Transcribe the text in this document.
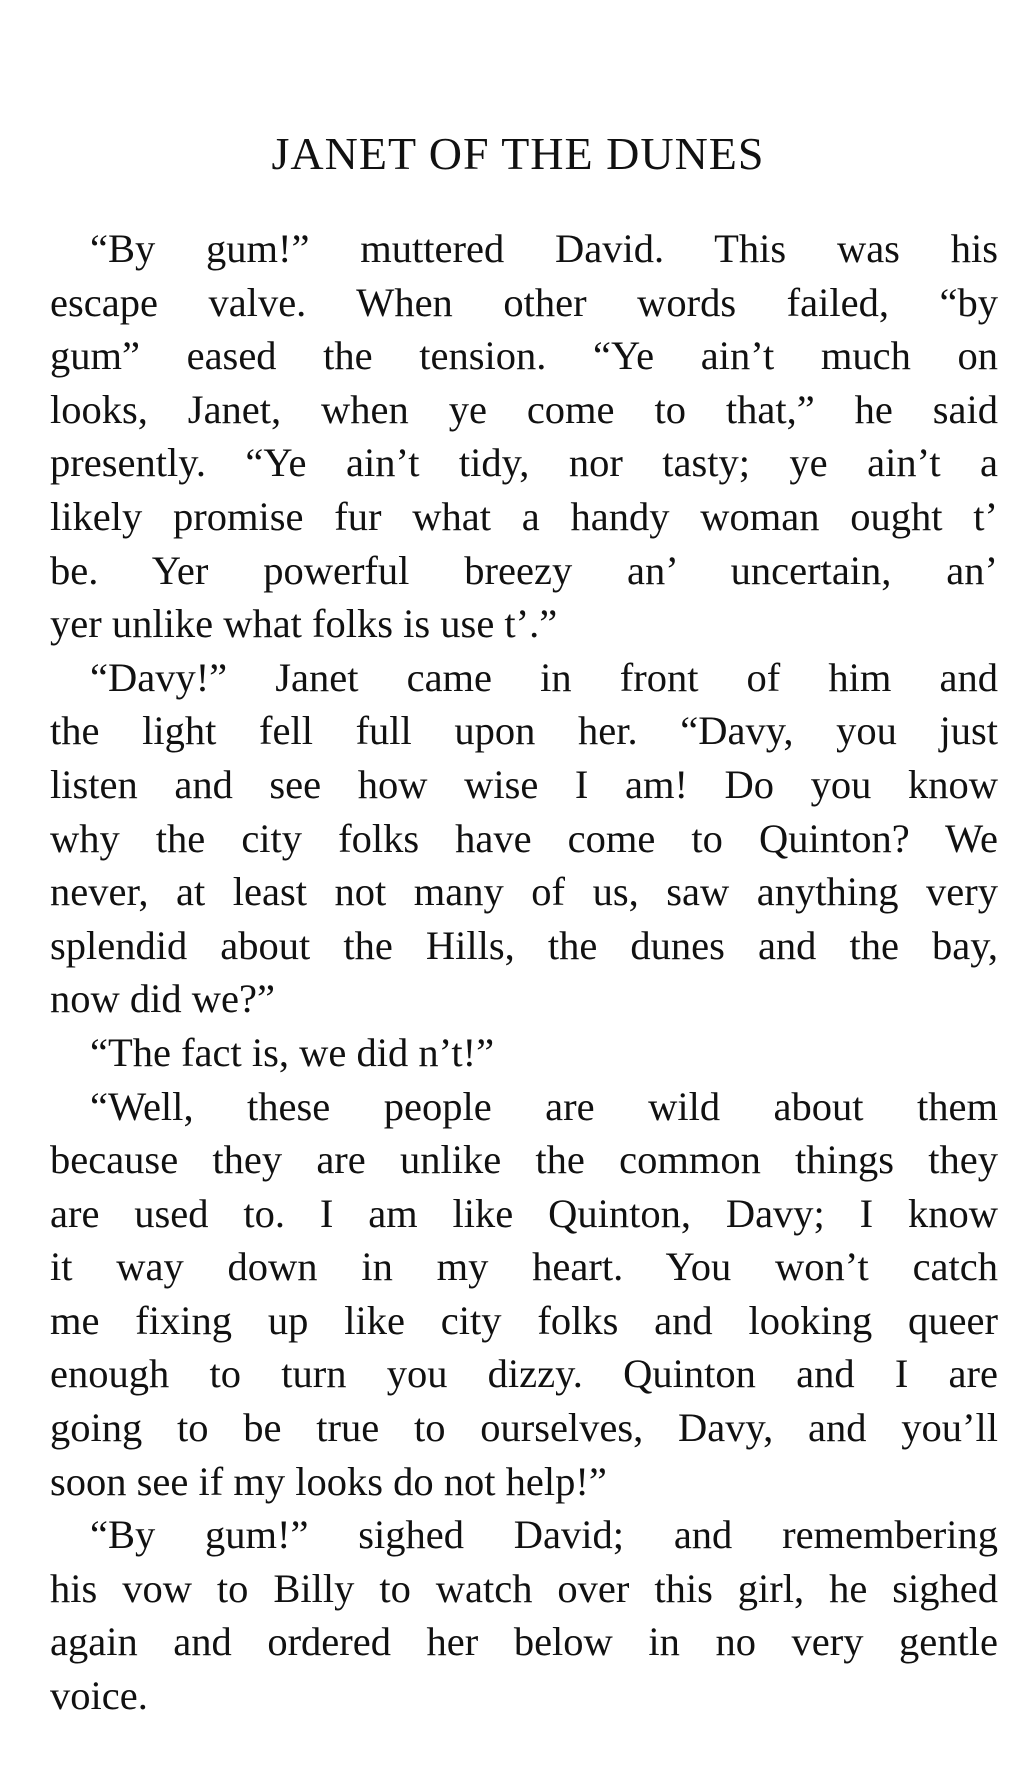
JANET OF THE DUNES
“By gum!” muttered David. This was his
escape valve. When other words failed, “by
gum” eased the tension. “Ye ain’t much on
looks, Janet, when ye come to that,” he said
presently. “Ye ain’t tidy, nor tasty; ye ain’t a
likely promise fur what a handy woman ought t’
be. Yer powerful breezy an’ uncertain, an’
yer unlike what folks is use t’.”
“Davy!” Janet came in front of him and
the light fell full upon her. “Davy, you just
listen and see how wise I am! Do you know
why the city folks have come to Quinton? We
never, at least not many of us, saw anything very
splendid about the Hills, the dunes and the bay,
now did we?”
“The fact is, we did n’t!”
“Well, these people are wild about them
because they are unlike the common things they
are used to. I am like Quinton, Davy; I know
it way down in my heart. You won’t catch
me fixing up like city folks and looking queer
enough to turn you dizzy. Quinton and I are
going to be true to ourselves, Davy, and you’ll
soon see if my looks do not help!”
“By gum!” sighed David; and remembering
his vow to Billy to watch over this girl, he sighed
again and ordered her below in no very gentle
voice.
